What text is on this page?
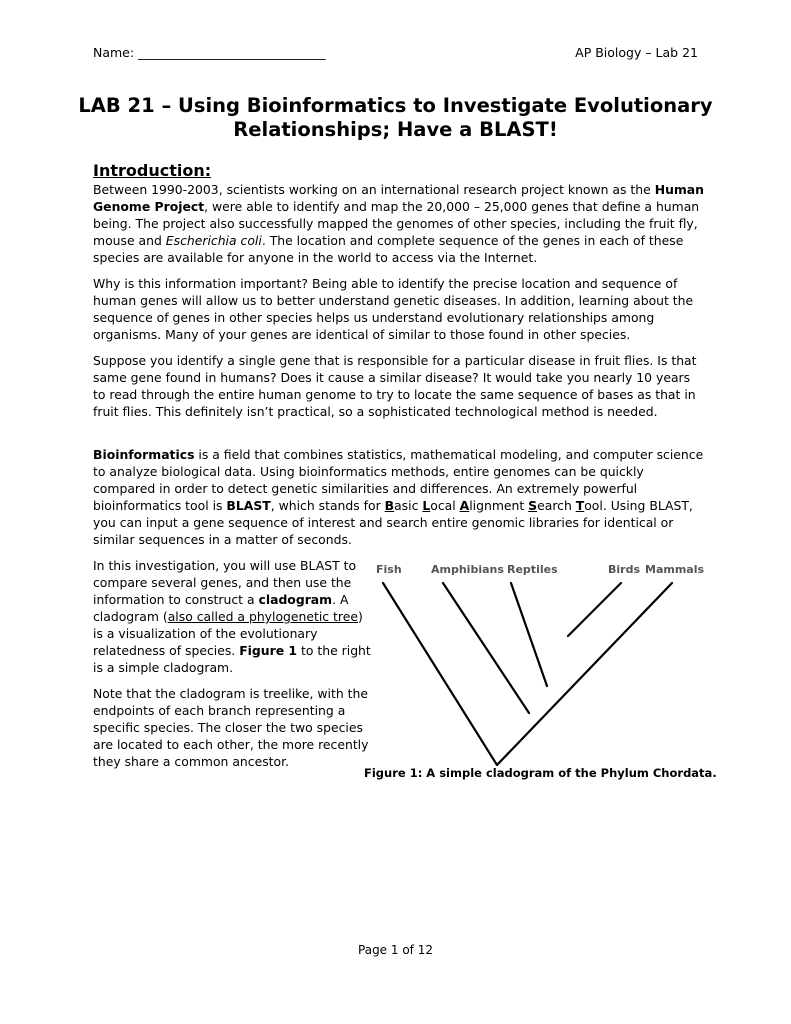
Name: ______________________________	AP Biology – Lab 21
LAB 21 – Using Bioinformatics to Investigate Evolutionary
Relationships; Have a BLAST!
Introduction:

Between 1990-2003, scientists working on an international research project known as the Human Genome Project, were able to identify and map the 20,000 – 25,000 genes that define a human being. The project also successfully mapped the genomes of other species, including the fruit fly, mouse and Escherichia coli. The location and complete sequence of the genes in each of these species are available for anyone in the world to access via the Internet.

Why is this information important? Being able to identify the precise location and sequence of human genes will allow us to better understand genetic diseases. In addition, learning about the sequence of genes in other species helps us understand evolutionary relationships among organisms. Many of your genes are identical of similar to those found in other species.

Suppose you identify a single gene that is responsible for a particular disease in fruit flies. Is that same gene found in humans? Does it cause a similar disease? It would take you nearly 10 years to read through the entire human genome to try to locate the same sequence of bases as that in fruit flies. This definitely isn’t practical, so a sophisticated technological method is needed.

Bioinformatics is a field that combines statistics, mathematical modeling, and computer science to analyze biological data. Using bioinformatics methods, entire genomes can be quickly compared in order to detect genetic similarities and differences. An extremely powerful bioinformatics tool is BLAST, which stands for Basic Local Alignment Search Tool. Using BLAST, you can input a gene sequence of interest and search entire genomic libraries for identical or similar sequences in a matter of seconds.

In this investigation, you will use BLAST to compare several genes, and then use the information to construct a cladogram. A cladogram (also called a phylogenetic tree) is a visualization of the evolutionary relatedness of species. Figure 1 to the right is a simple cladogram.

Note that the cladogram is treelike, with the endpoints of each branch representing a specific species. The closer the two species are located to each other, the more recently they share a common ancestor.

Fish	Amphibians Reptiles	Birds Mammals
Figure 1: A simple cladogram of the Phylum Chordata.
Page 1 of 12
